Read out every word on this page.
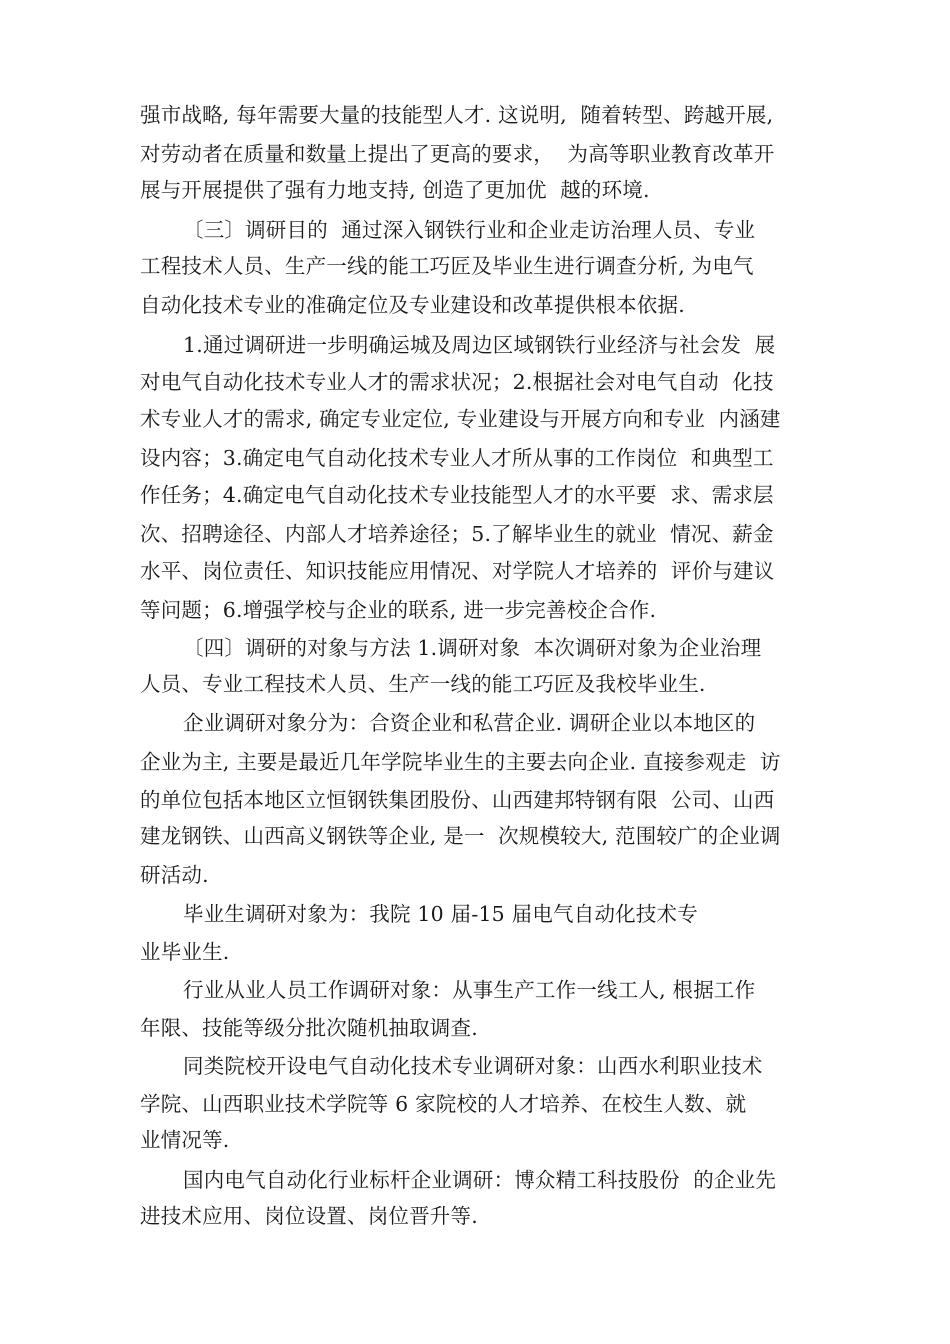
强市战略, 每年需要大量的技能型人才. 这说明,  随着转型、跨越开展,
对劳动者在质量和数量上提出了更高的要求，  为高等职业教育改革开
展与开展提供了强有力地支持, 创造了更加优  越的环境.
〔三〕调研目的  通过深入钢铁行业和企业走访治理人员、专业
工程技术人员、生产一线的能工巧匠及毕业生进行调查分析, 为电气
自动化技术专业的准确定位及专业建设和改革提供根本依据.
1.通过调研进一步明确运城及周边区域钢铁行业经济与社会发  展
对电气自动化技术专业人才的需求状况；2.根据社会对电气自动  化技
术专业人才的需求, 确定专业定位, 专业建设与开展方向和专业  内涵建
设内容；3.确定电气自动化技术专业人才所从事的工作岗位  和典型工
作任务；4.确定电气自动化技术专业技能型人才的水平要  求、需求层
次、招聘途径、内部人才培养途径；5.了解毕业生的就业  情况、薪金
水平、岗位责任、知识技能应用情况、对学院人才培养的  评价与建议
等问题；6.增强学校与企业的联系, 进一步完善校企合作.
〔四〕调研的对象与方法 1.调研对象  本次调研对象为企业治理
人员、专业工程技术人员、生产一线的能工巧匠及我校毕业生.
企业调研对象分为：合资企业和私营企业. 调研企业以本地区的
企业为主, 主要是最近几年学院毕业生的主要去向企业. 直接参观走  访
的单位包括本地区立恒钢铁集团股份、山西建邦特钢有限  公司、山西
建龙钢铁、山西高义钢铁等企业, 是一  次规模较大, 范围较广的企业调
研活动.
毕业生调研对象为：我院 10 届-15 届电气自动化技术专
业毕业生.
行业从业人员工作调研对象：从事生产工作一线工人, 根据工作
年限、技能等级分批次随机抽取调查.
同类院校开设电气自动化技术专业调研对象：山西水利职业技术
学院、山西职业技术学院等 6 家院校的人才培养、在校生人数、就
业情况等.
国内电气自动化行业标杆企业调研：博众精工科技股份  的企业先
进技术应用、岗位设置、岗位晋升等.
